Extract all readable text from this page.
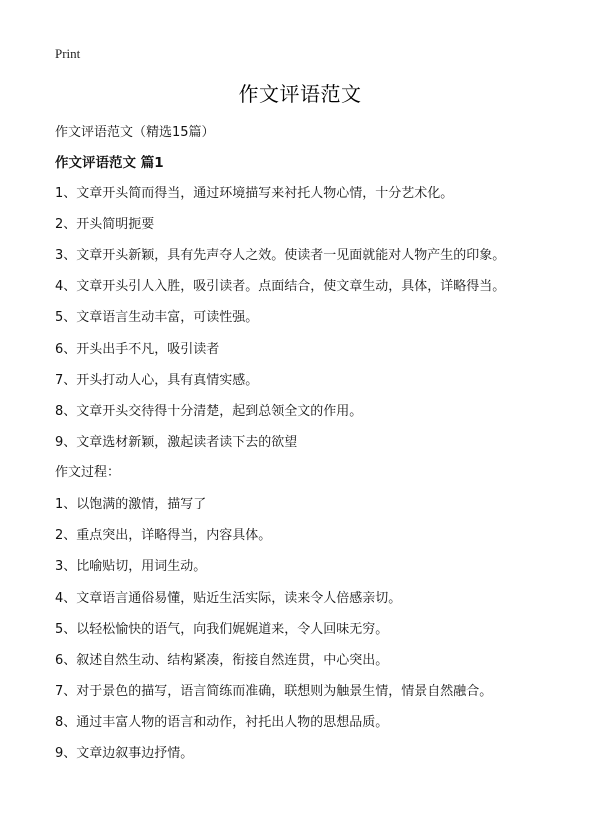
Print
作文评语范文
作文评语范文（精选15篇）
作文评语范文 篇1
1、文章开头简而得当，通过环境描写来衬托人物心情，十分艺术化。
2、开头简明扼要
3、文章开头新颖，具有先声夺人之效。使读者一见面就能对人物产生的印象。
4、文章开头引人入胜，吸引读者。点面结合，使文章生动，具体，详略得当。
5、文章语言生动丰富，可读性强。
6、开头出手不凡，吸引读者
7、开头打动人心，具有真情实感。
8、文章开头交待得十分清楚，起到总领全文的作用。
9、文章选材新颖，激起读者读下去的欲望
作文过程：
1、以饱满的激情，描写了
2、重点突出，详略得当，内容具体。
3、比喻贴切，用词生动。
4、文章语言通俗易懂，贴近生活实际，读来令人倍感亲切。
5、以轻松愉快的语气，向我们娓娓道来，令人回味无穷。
6、叙述自然生动、结构紧凑，衔接自然连贯，中心突出。
7、对于景色的描写，语言简练而准确，联想则为触景生情，情景自然融合。
8、通过丰富人物的语言和动作，衬托出人物的思想品质。
9、文章边叙事边抒情。
